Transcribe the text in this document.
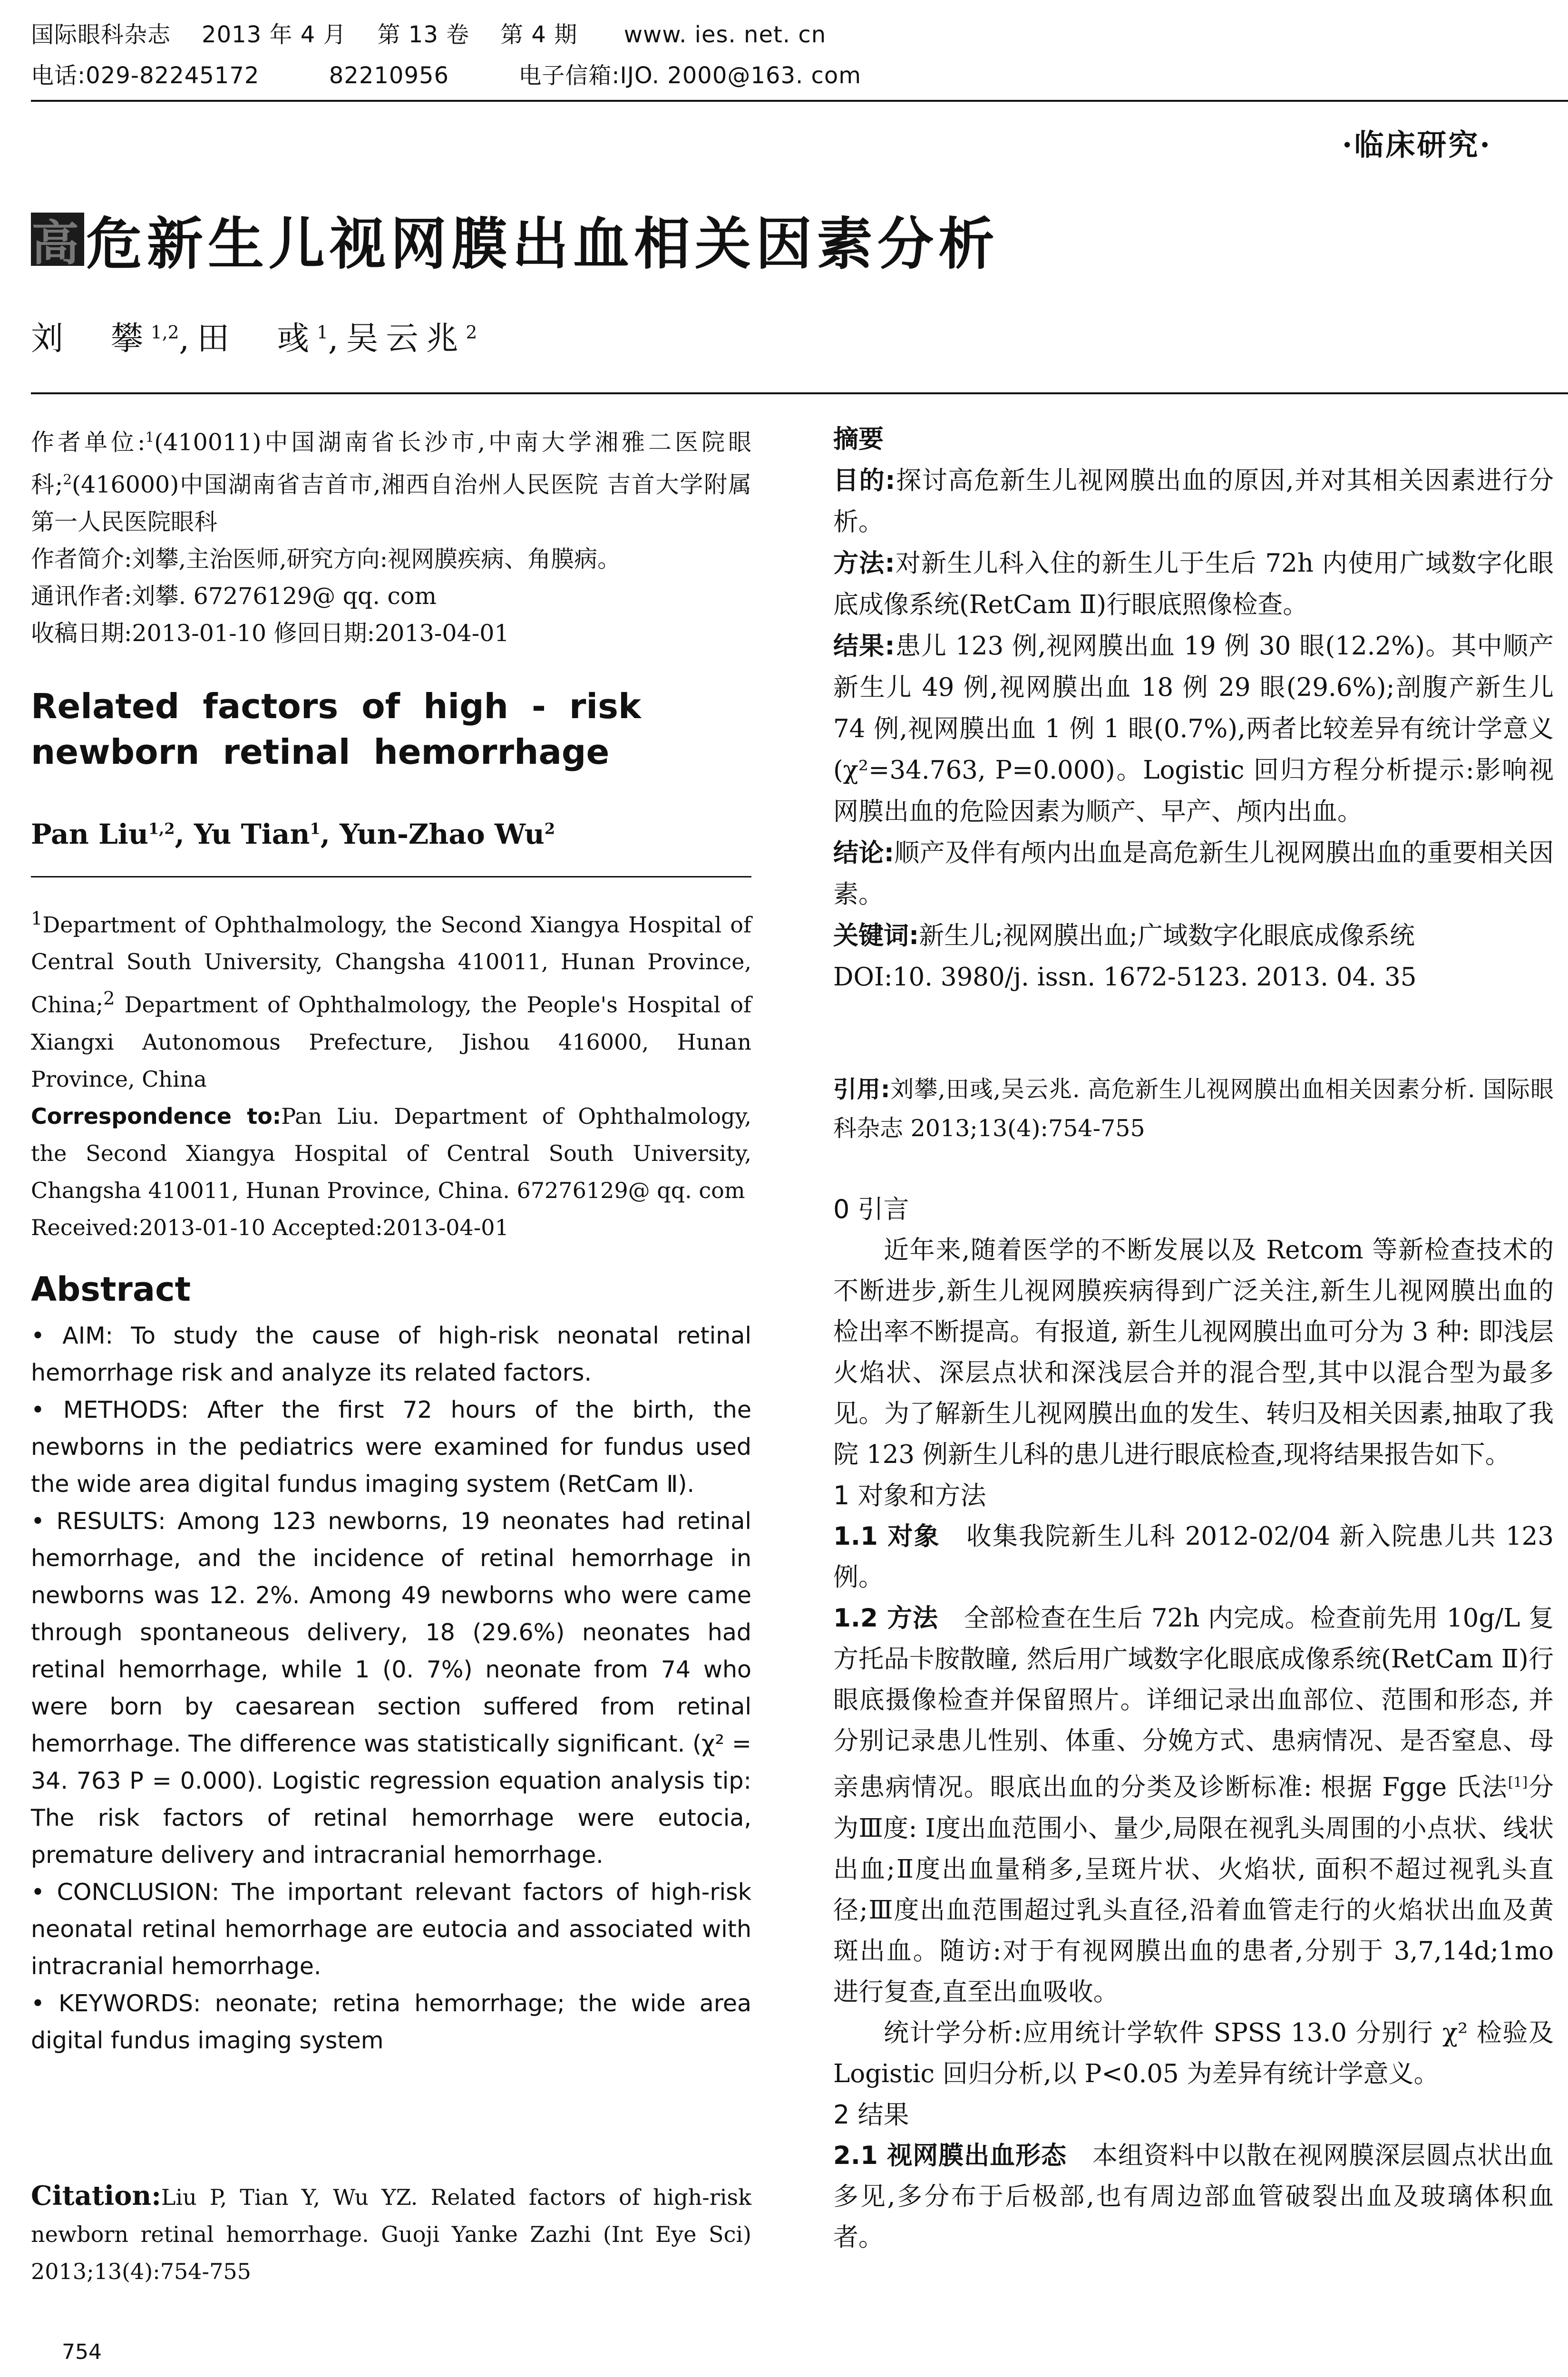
国际眼科杂志    2013 年 4 月    第 13 卷    第 4 期      www. ies. net. cn
电话:029-82245172         82210956         电子信箱:IJO. 2000@163. com
·临床研究·
高 危新生儿视网膜出血相关因素分析
刘　攀$^{1,2}$,田　彧$^1$,吴云兆$^2$

作者单位:$^1$(410011)中国湖南省长沙市,中南大学湘雅二医院眼科;$^2$(416000)中国湖南省吉首市,湘西自治州人民医院 吉首大学附属第一人民医院眼科

作者简介:刘攀,主治医师,研究方向:视网膜疾病、角膜病。

通讯作者:刘攀. 67276129@ qq. com

收稿日期:2013-01-10 修回日期:2013-04-01

Related factors of high - risk newborn retinal hemorrhage
Pan Liu$^{1,2}$, Yu Tian$^1$, Yun-Zhao Wu$^2$

$^1$Department of Ophthalmology, the Second Xiangya Hospital of Central South University, Changsha 410011, Hunan Province, China;$^2$ Department of Ophthalmology, the People's Hospital of Xiangxi Autonomous Prefecture, Jishou 416000, Hunan Province, China

Correspondence to:Pan Liu. Department of Ophthalmology, the Second Xiangya Hospital of Central South University, Changsha 410011, Hunan Province, China. 67276129@ qq. com

Received:2013-01-10 Accepted:2013-04-01

Abstract

• AIM: To study the cause of high-risk neonatal retinal hemorrhage risk and analyze its related factors.

• METHODS: After the first 72 hours of the birth, the newborns in the pediatrics were examined for fundus used the wide area digital fundus imaging system (RetCam Ⅱ).

• RESULTS: Among 123 newborns, 19 neonates had retinal hemorrhage, and the incidence of retinal hemorrhage in newborns was 12. 2%. Among 49 newborns who were came through spontaneous delivery, 18 (29.6%) neonates had retinal hemorrhage, while 1 (0. 7%) neonate from 74 who were born by caesarean section suffered from retinal hemorrhage. The difference was statistically significant. (χ² = 34. 763 P = 0.000). Logistic regression equation analysis tip: The risk factors of retinal hemorrhage were eutocia, premature delivery and intracranial hemorrhage.

• CONCLUSION: The important relevant factors of high-risk neonatal retinal hemorrhage are eutocia and associated with intracranial hemorrhage.

• KEYWORDS: neonate; retina hemorrhage; the wide area digital fundus imaging system

Citation:Liu P, Tian Y, Wu YZ. Related factors of high-risk newborn retinal hemorrhage. Guoji Yanke Zazhi (Int Eye Sci) 2013;13(4):754-755

754

摘要

目的:探讨高危新生儿视网膜出血的原因,并对其相关因素进行分析。

方法:对新生儿科入住的新生儿于生后 72h 内使用广域数字化眼底成像系统(RetCam Ⅱ)行眼底照像检查。

结果:患儿 123 例,视网膜出血 19 例 30 眼(12.2%)。其中顺产新生儿 49 例,视网膜出血 18 例 29 眼(29.6%);剖腹产新生儿 74 例,视网膜出血 1 例 1 眼(0.7%),两者比较差异有统计学意义(χ²=34.763, P=0.000)。Logistic 回归方程分析提示:影响视网膜出血的危险因素为顺产、早产、颅内出血。

结论:顺产及伴有颅内出血是高危新生儿视网膜出血的重要相关因素。

关键词:新生儿;视网膜出血;广域数字化眼底成像系统

DOI:10. 3980/j. issn. 1672-5123. 2013. 04. 35

引用:刘攀,田彧,吴云兆. 高危新生儿视网膜出血相关因素分析. 国际眼科杂志 2013;13(4):754-755

0 引言

近年来,随着医学的不断发展以及 Retcom 等新检查技术的不断进步,新生儿视网膜疾病得到广泛关注,新生儿视网膜出血的检出率不断提高。有报道, 新生儿视网膜出血可分为 3 种: 即浅层火焰状、深层点状和深浅层合并的混合型,其中以混合型为最多见。为了解新生儿视网膜出血的发生、转归及相关因素,抽取了我院 123 例新生儿科的患儿进行眼底检查,现将结果报告如下。

1 对象和方法

1.1 对象　收集我院新生儿科 2012-02/04 新入院患儿共 123 例。

1.2 方法　全部检查在生后 72h 内完成。检查前先用 10g/L 复方托品卡胺散瞳, 然后用广域数字化眼底成像系统(RetCam Ⅱ)行眼底摄像检查并保留照片。详细记录出血部位、范围和形态, 并分别记录患儿性别、体重、分娩方式、患病情况、是否窒息、母亲患病情况。眼底出血的分类及诊断标准: 根据 Fgge 氏法[1]分为Ⅲ度: Ⅰ度出血范围小、量少,局限在视乳头周围的小点状、线状出血;Ⅱ度出血量稍多,呈斑片状、火焰状, 面积不超过视乳头直径;Ⅲ度出血范围超过乳头直径,沿着血管走行的火焰状出血及黄斑出血。随访:对于有视网膜出血的患者,分别于 3,7,14d;1mo 进行复查,直至出血吸收。

统计学分析:应用统计学软件 SPSS 13.0 分别行 χ² 检验及 Logistic 回归分析,以 P<0.05 为差异有统计学意义。

2 结果

2.1 视网膜出血形态　本组资料中以散在视网膜深层圆点状出血多见,多分布于后极部,也有周边部血管破裂出血及玻璃体积血者。
